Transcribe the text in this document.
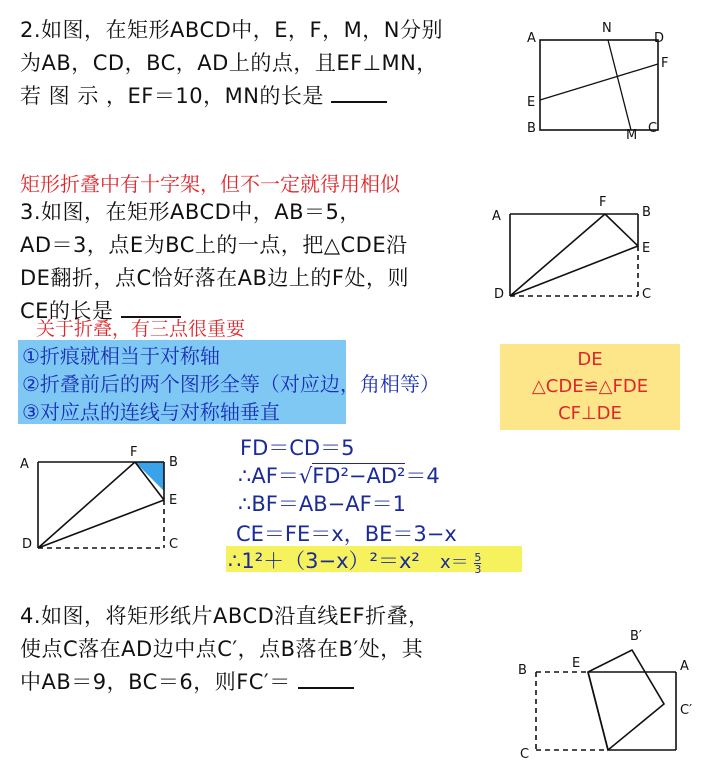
2.如图，在矩形ABCD中，E，F，M，N分别
为AB，CD，BC，AD上的点，且EF⊥MN，
若 图 示 ，EF＝10，MN的长是
A
N
D
F
E
B	M C
矩形折叠中有十字架，但不一定就得用相似
3.如图，在矩形ABCD中，AB＝5，
AD＝3，点E为BC上的一点，把△CDE沿
DE翻折，点C恰好落在AB边上的F处，则
CE的长是
A
F
B
E
D	C
关于折叠，有三点很重要
①折痕就相当于对称轴
②折叠前后的两个图形全等（对应边，角相等）
③对应点的连线与对称轴垂直
DE
△CDE≌△FDE
CF⊥DE
A
F
B
E
D	C
FD＝CD＝5
∴AF＝√FD²−AD²＝4
∴BF＝AB−AF＝1
CE＝FE＝x，BE＝3−x
∴1²＋（3−x）²＝x² $x= \frac{5}{3}$
4.如图，将矩形纸片ABCD沿直线EF折叠，
使点C落在AD边中点C′，点B落在B′处，其
中AB＝9，BC＝6，则FC′＝
B′
B	E	A
C′
C
